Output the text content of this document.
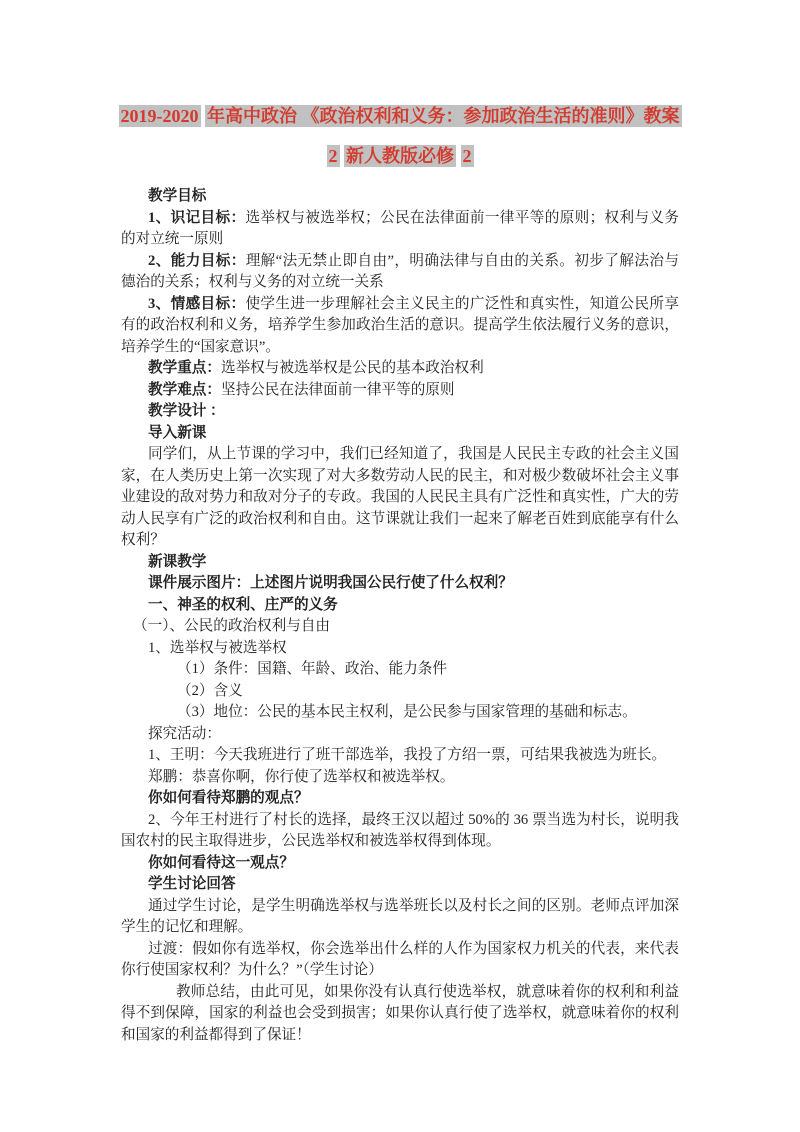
2019-2020 年高中政治 《政治权利和义务：参加政治生活的准则》教案
2 新人教版必修 2

教学目标

1、识记目标：选举权与被选举权；公民在法律面前一律平等的原则；权利与义务的对立统一原则

2、能力目标：理解“法无禁止即自由”，明确法律与自由的关系。初步了解法治与德治的关系；权利与义务的对立统一关系

3、情感目标：使学生进一步理解社会主义民主的广泛性和真实性，知道公民所享有的政治权利和义务，培养学生参加政治生活的意识。提高学生依法履行义务的意识，培养学生的“国家意识”。

教学重点：选举权与被选举权是公民的基本政治权利

教学难点：坚持公民在法律面前一律平等的原则

教学设计 ：

导入新课

同学们，从上节课的学习中，我们已经知道了，我国是人民民主专政的社会主义国家，在人类历史上第一次实现了对大多数劳动人民的民主，和对极少数破坏社会主义事业建设的敌对势力和敌对分子的专政。我国的人民民主具有广泛性和真实性，广大的劳动人民享有广泛的政治权利和自由。这节课就让我们一起来了解老百姓到底能享有什么权利？

新课教学

课件展示图片：上述图片说明我国公民行使了什么权利？

一、神圣的权利、庄严的义务

（一）、公民的政治权利与自由

1、选举权与被选举权

（1）条件：国籍、年龄、政治、能力条件

（2）含义

（3）地位：公民的基本民主权利，是公民参与国家管理的基础和标志。

探究活动：

1、王明：今天我班进行了班干部选举，我投了方绍一票，可结果我被选为班长。

郑鹏：恭喜你啊，你行使了选举权和被选举权。

你如何看待郑鹏的观点？

2、今年王村进行了村长的选择，最终王汉以超过 50%的 36 票当选为村长，说明我国农村的民主取得进步，公民选举权和被选举权得到体现。

你如何看待这一观点？

学生讨论回答

通过学生讨论，是学生明确选举权与选举班长以及村长之间的区别。老师点评加深学生的记忆和理解。

过渡：假如你有选举权，你会选举出什么样的人作为国家权力机关的代表，来代表你行使国家权利？为什么？”（学生讨论）

教师总结，由此可见，如果你没有认真行使选举权，就意味着你的权利和利益得不到保障，国家的利益也会受到损害；如果你认真行使了选举权，就意味着你的权利和国家的利益都得到了保证！
